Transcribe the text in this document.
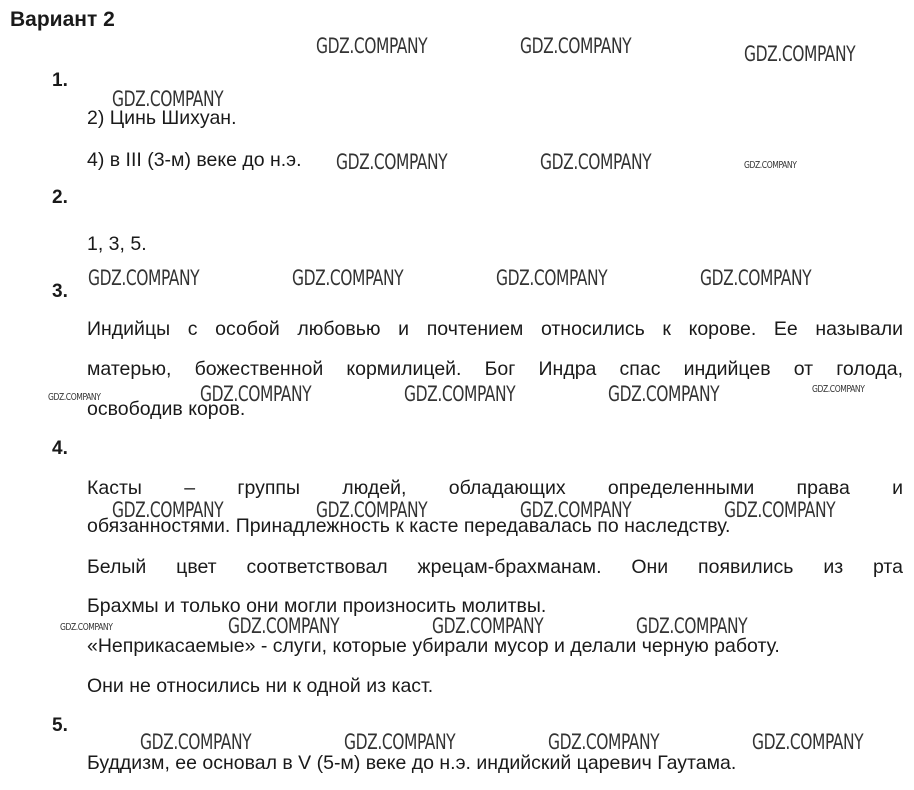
Вариант 2
1.
2) Цинь Шихуан.
4) в III (3-м) веке до н.э.
2.
1, 3, 5.
3.
Индийцы с особой любовью и почтением относились к корове. Ее называли
матерью, божественной кормилицей. Бог Индра спас индийцев от голода,
освободив коров.
4.
Касты – группы людей, обладающих определенными права и
обязанностями. Принадлежность к касте передавалась по наследству.
Белый цвет соответствовал жрецам-брахманам. Они появились из рта
Брахмы и только они могли произносить молитвы.
«Неприкасаемые» - слуги, которые убирали мусор и делали черную работу.
Они не относились ни к одной из каст.
5.
Буддизм, ее основал в V (5-м) веке до н.э. индийский царевич Гаутама.
GDZ.COMPANY	GDZ.COMPANY	GDZ.COMPANY
GDZ.COMPANY
GDZ.COMPANY	GDZ.COMPANY	GDZ.COMPANY
GDZ.COMPANY	GDZ.COMPANY	GDZ.COMPANY	GDZ.COMPANY
GDZ.COMPANY	GDZ.COMPANY	GDZ.COMPANY	GDZ.COMPANY	GDZ.COMPANY
GDZ.COMPANY	GDZ.COMPANY	GDZ.COMPANY	GDZ.COMPANY
GDZ.COMPANY	GDZ.COMPANY	GDZ.COMPANY	GDZ.COMPANY
GDZ.COMPANY	GDZ.COMPANY	GDZ.COMPANY	GDZ.COMPANY
